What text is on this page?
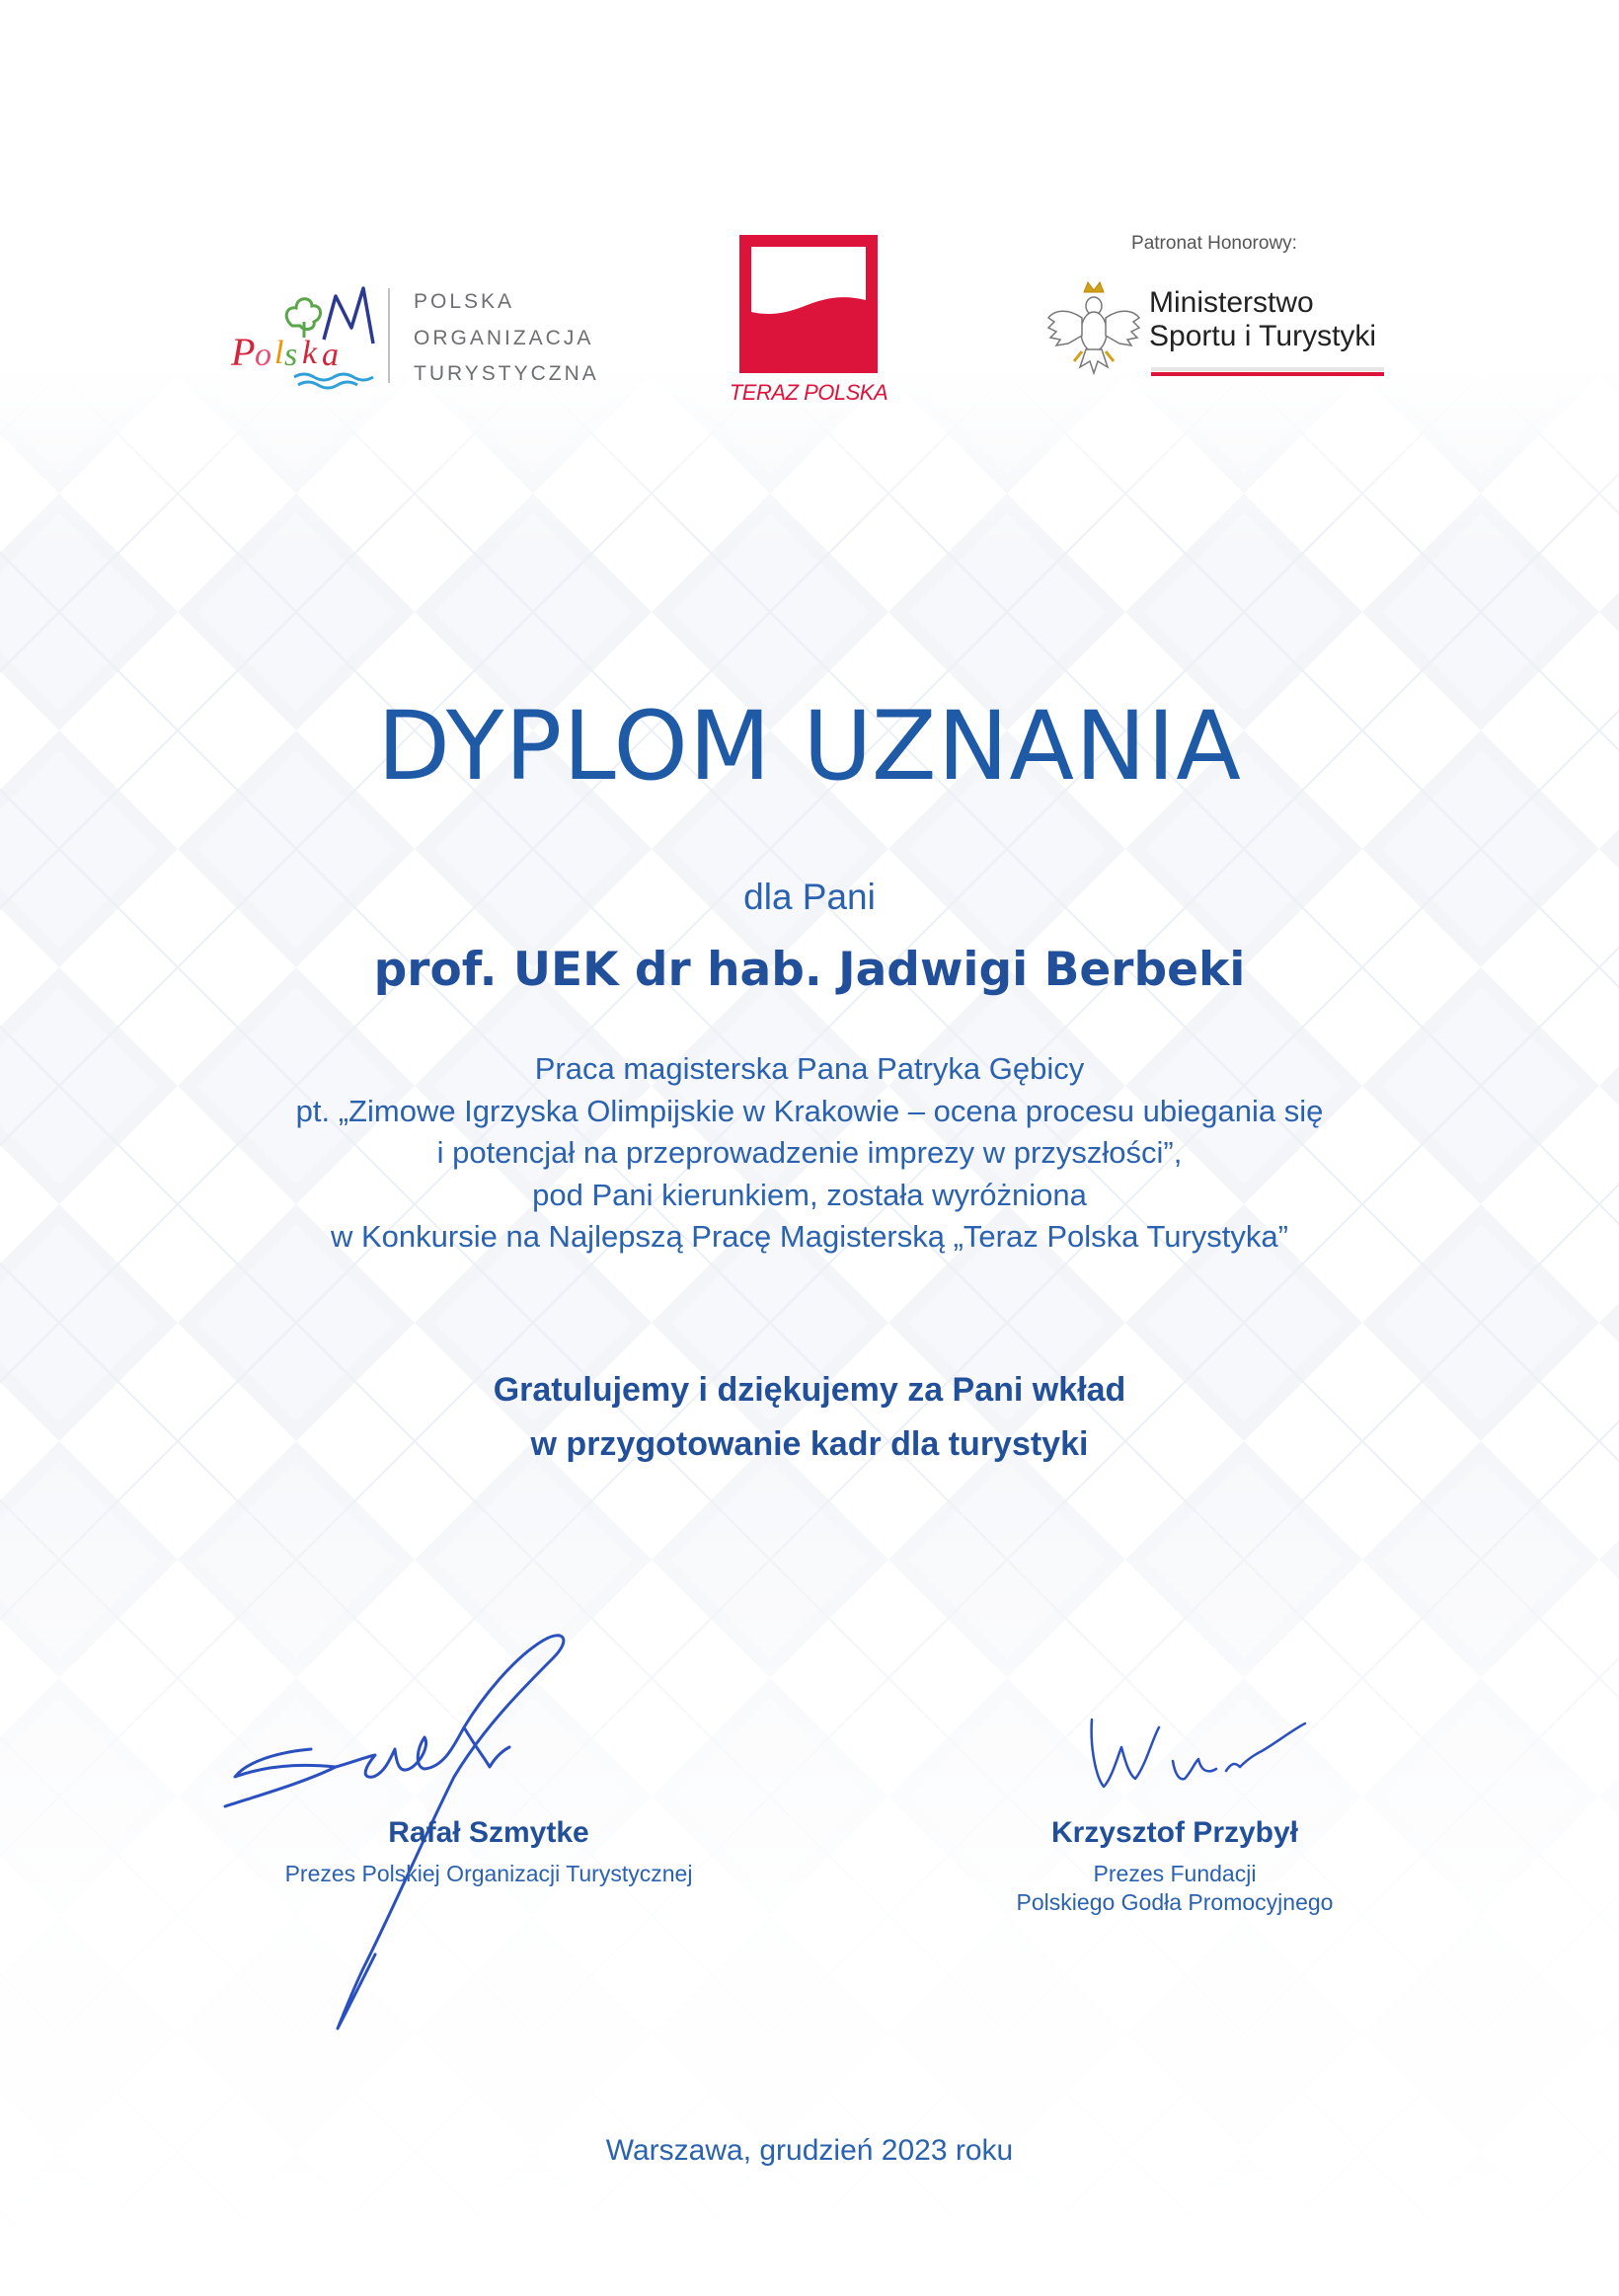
P o l s k a
POLSKA
ORGANIZACJA
TURYSTYCZNA
TERAZ POLSKA
Patronat Honorowy:
Ministerstwo
Sportu i Turystyki
DYPLOM UZNANIA
dla Pani
prof. UEK dr hab. Jadwigi Berbeki
Praca magisterska Pana Patryka Gębicy
pt. „Zimowe Igrzyska Olimpijskie w Krakowie – ocena procesu ubiegania się
i potencjał na przeprowadzenie imprezy w przyszłości”,
pod Pani kierunkiem, została wyróżniona
w Konkursie na Najlepszą Pracę Magisterską „Teraz Polska Turystyka”
Gratulujemy i dziękujemy za Pani wkład
w przygotowanie kadr dla turystyki
Rafał Szmytke
Prezes Polskiej Organizacji Turystycznej
Krzysztof Przybył
Prezes Fundacji
Polskiego Godła Promocyjnego
Warszawa, grudzień 2023 roku
